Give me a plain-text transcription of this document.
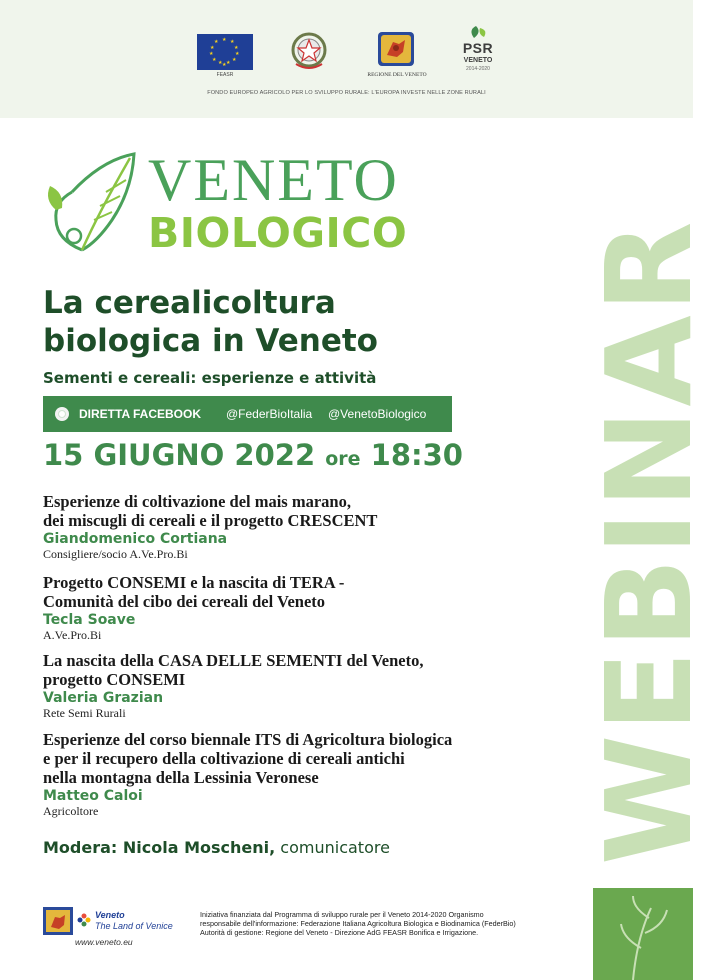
★ ★
★
★
★
★
★
★
★
★
★
★
FEASR	REGIONE DEL VENETO
PSR
VENETO
2014-2020
FONDO EUROPEO AGRICOLO PER LO SVILUPPO RURALE: L'EUROPA INVESTE NELLE ZONE RURALI
WEBINAR
VENETO
BIOLOGICO
La cerealicoltura
biologica in Veneto
Sementi e cereali: esperienze e attività
DIRETTA FACEBOOK @FederBioItalia @VenetoBiologico
15 GIUGNO 2022 ore 18:30
Esperienze di coltivazione del mais marano,
dei miscugli di cereali e il progetto CRESCENT
Giandomenico Cortiana
Consigliere/socio A.Ve.Pro.Bi
Progetto CONSEMI e la nascita di TERA -
Comunità del cibo dei cereali del Veneto
Tecla Soave
A.Ve.Pro.Bi
La nascita della CASA DELLE SEMENTI del Veneto,
progetto CONSEMI
Valeria Grazian
Rete Semi Rurali
Esperienze del corso biennale ITS di Agricoltura biologica
e per il recupero della coltivazione di cereali antichi
nella montagna della Lessinia Veronese
Matteo Caloi
Agricoltore
Modera: Nicola Moscheni, comunicatore
Veneto
The Land of Venice
www.veneto.eu
Iniziativa finanziata dal Programma di sviluppo rurale per il Veneto 2014-2020 Organismo
responsabile dell'informazione: Federazione Italiana Agricoltura Biologica e Biodinamica (FederBio)
Autorità di gestione: Regione del Veneto - Direzione AdG FEASR Bonifica e Irrigazione.
